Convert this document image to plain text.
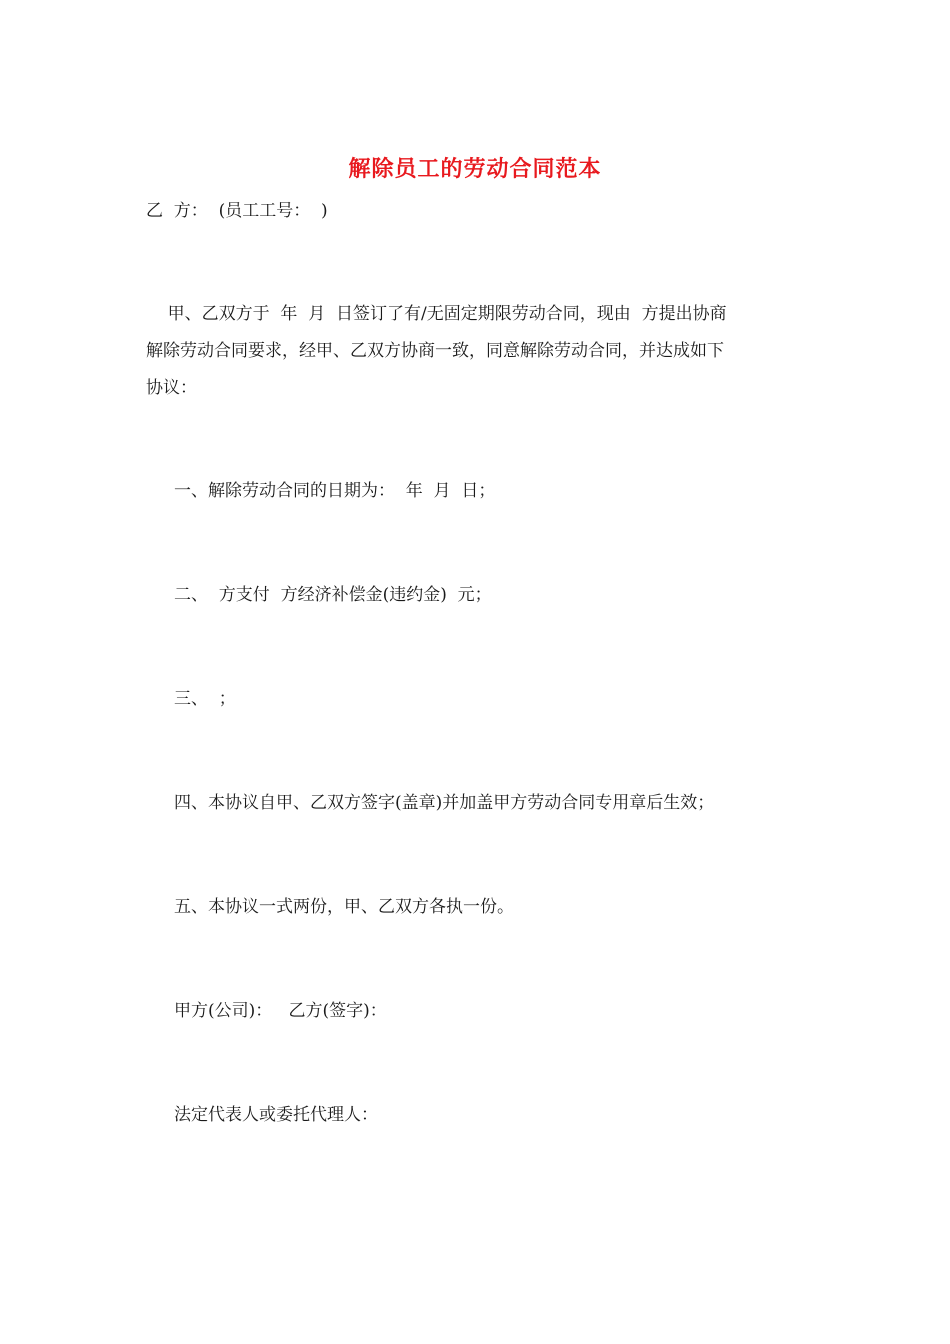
解除员工的劳动合同范本

乙  方：  (员工工号：  )

甲、乙双方于  年  月  日签订了有/无固定期限劳动合同，现由  方提出协商
解除劳动合同要求，经甲、乙双方协商一致，同意解除劳动合同，并达成如下
协议：

一、解除劳动合同的日期为：  年  月  日；

二、  方支付  方经济补偿金(违约金)  元；

三、  ；

四、本协议自甲、乙双方签字(盖章)并加盖甲方劳动合同专用章后生效；

五、本协议一式两份，甲、乙双方各执一份。

甲方(公司)：   乙方(签字)：

法定代表人或委托代理人：
